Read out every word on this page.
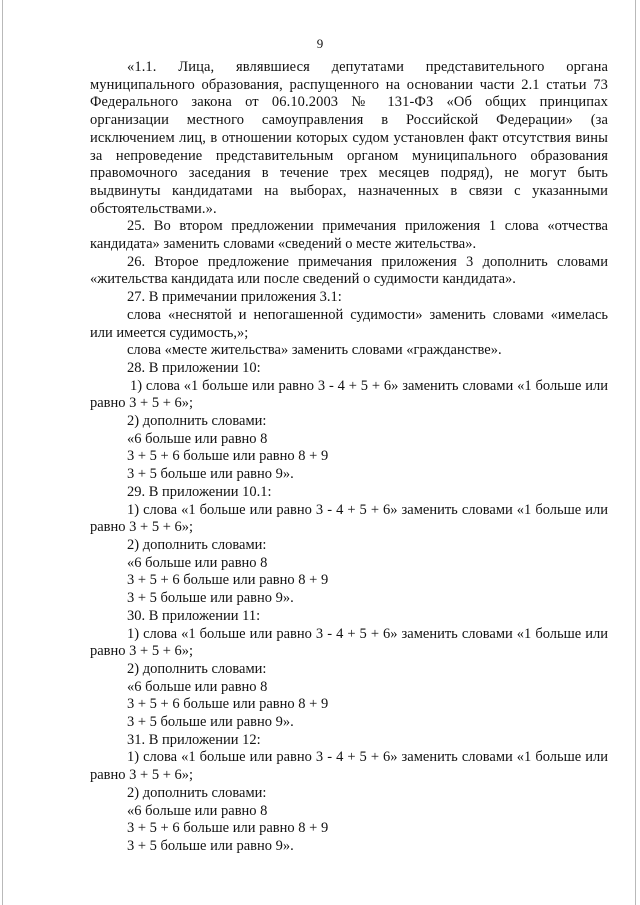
9

«1.1. Лица, являвшиеся депутатами представительного органа муниципального образования, распущенного на основании части 2.1 статьи 73 Федерального закона от 06.10.2003 № 131-ФЗ «Об общих принципах организации местного самоуправления в Российской Федерации» (за исключением лиц, в отношении которых судом установлен факт отсутствия вины за непроведение представительным органом муниципального образования правомочного заседания в течение трех месяцев подряд), не могут быть выдвинуты кандидатами на выборах, назначенных в связи с указанными обстоятельствами.».

25. Во втором предложении примечания приложения 1 слова «отчества кандидата» заменить словами «сведений о месте жительства».

26. Второе предложение примечания приложения 3 дополнить словами «жительства кандидата или после сведений о судимости кандидата».

27. В примечании приложения 3.1:

слова «неснятой и непогашенной судимости» заменить словами «имелась или имеется судимость,»;

слова «месте жительства» заменить словами «гражданстве».

28. В приложении 10:

1) слова «1 больше или равно 3 - 4 + 5 + 6» заменить словами «1 больше или равно 3 + 5 + 6»;

2) дополнить словами:

«6 больше или равно 8

3 + 5 + 6 больше или равно 8 + 9

3 + 5 больше или равно 9».

29. В приложении 10.1:

1) слова «1 больше или равно 3 - 4 + 5 + 6» заменить словами «1 больше или равно 3 + 5 + 6»;

2) дополнить словами:

«6 больше или равно 8

3 + 5 + 6 больше или равно 8 + 9

3 + 5 больше или равно 9».

30. В приложении 11:

1) слова «1 больше или равно 3 - 4 + 5 + 6» заменить словами «1 больше или равно 3 + 5 + 6»;

2) дополнить словами:

«6 больше или равно 8

3 + 5 + 6 больше или равно 8 + 9

3 + 5 больше или равно 9».

31. В приложении 12:

1) слова «1 больше или равно 3 - 4 + 5 + 6» заменить словами «1 больше или равно 3 + 5 + 6»;

2) дополнить словами:

«6 больше или равно 8

3 + 5 + 6 больше или равно 8 + 9

3 + 5 больше или равно 9».
